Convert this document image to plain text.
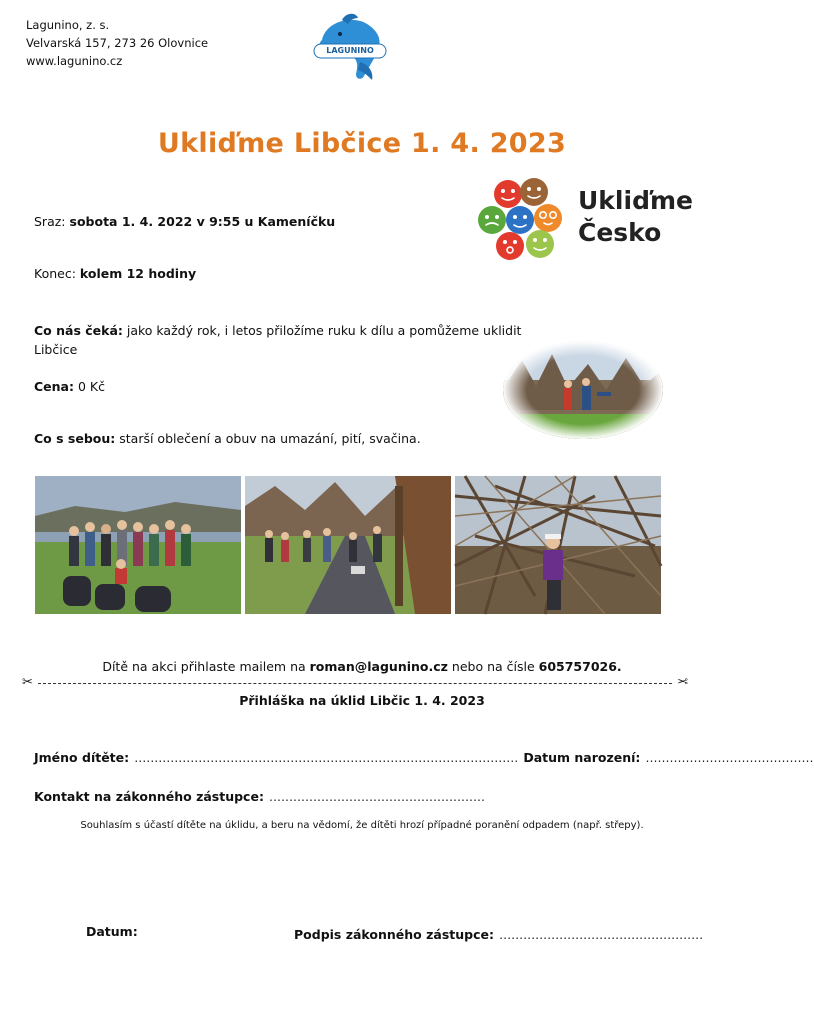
Lagunino, z. s.
Velvarská 157, 273 26 Olovnice
www.lagunino.cz
LAGUNINO
Ukliďme Libčice 1. 4. 2023
Ukliďme
Česko
Sraz: sobota 1. 4. 2022 v 9:55 u Kameníčku
Konec: kolem 12 hodiny
Co nás čeká: jako každý rok, i letos přiložíme ruku k dílu a pomůžeme uklidit
Libčice
Cena: 0 Kč
Co s sebou: starší oblečení a obuv na umazání, pití, svačina.
Dítě na akci přihlaste mailem na roman@lagunino.cz nebo na čísle 605757026.
✂	✂
Přihláška na úklid Libčic 1. 4. 2023
Jméno dítěte: …………………………………………………………………………………… Datum narození: ……………………………………
Kontakt na zákonného zástupce: ………………………………………………
Souhlasím s účastí dítěte na úklidu, a beru na vědomí, že dítěti hrozí případné poranění odpadem (např. střepy).
Datum:	Podpis zákonného zástupce: ……………………………………………
